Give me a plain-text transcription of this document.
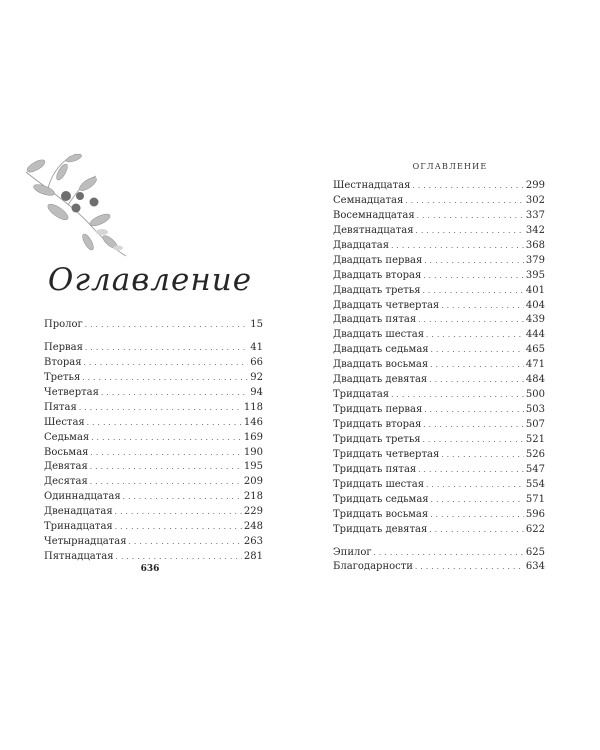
Оглавление
Пролог . . .	15
Первая . . .	41
Вторая . . .	66
Третья . . .	92
Четвертая . . .	94
Пятая . . .	118
Шестая . . .	146
Седьмая . . .	169
Восьмая . . .	190
Девятая . . .	195
Десятая . . .	209
Одиннадцатая . . .	218
Двенадцатая . . .	229
Тринадцатая . . .	248
Четырнадцатая . . .	263
Пятнадцатая . . .	281
636
ОГЛАВЛЕНИЕ
Шестнадцатая . . .	299
Семнадцатая . . .	302
Восемнадцатая . . .	337
Девятнадцатая . . .	342
Двадцатая . . .	368
Двадцать первая . . .	379
Двадцать вторая . . .	395
Двадцать третья . . .	401
Двадцать четвертая . . .	404
Двадцать пятая . . .	439
Двадцать шестая . . .	444
Двадцать седьмая . . .	465
Двадцать восьмая . . .	471
Двадцать девятая . . .	484
Тридцатая . . .	500
Тридцать первая . . .	503
Тридцать вторая . . .	507
Тридцать третья . . .	521
Тридцать четвертая . . .	526
Тридцать пятая . . .	547
Тридцать шестая . . .	554
Тридцать седьмая . . .	571
Тридцать восьмая . . .	596
Тридцать девятая . . .	622
Эпилог . . .	625
Благодарности . . .	634
